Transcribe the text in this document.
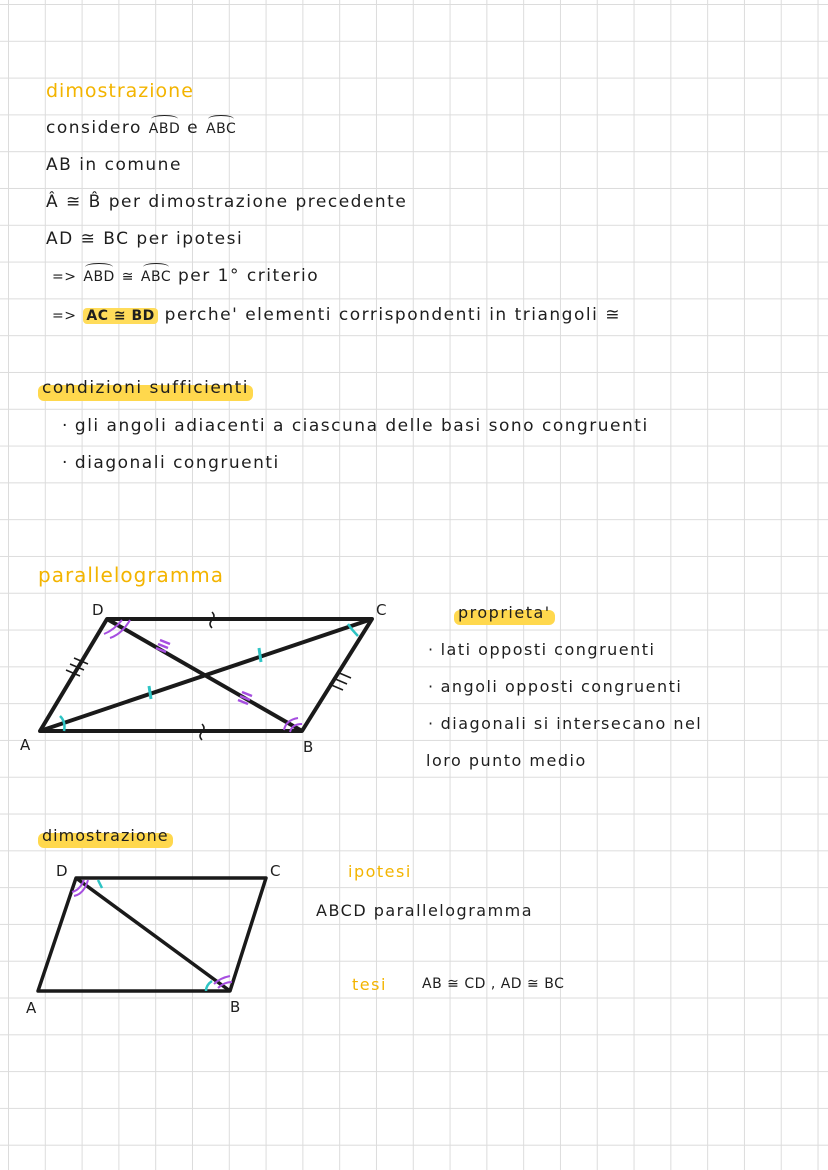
dimostrazione
considero ABD e ABC
AB in comune
Â ≅ B̂ per dimostrazione precedente
AD ≅ BC per ipotesi
=> ABD ≅ ABC per 1° criterio
=> AC ≅ BD perche' elementi corrispondenti in triangoli ≅
condizioni sufficienti
· gli angoli adiacenti a ciascuna delle basi sono congruenti
· diagonali congruenti
parallelogramma
D	C
A	B
proprieta'
· lati opposti congruenti
· angoli opposti congruenti
· diagonali si intersecano nel
loro punto medio
dimostrazione
D	C
A	B
ipotesi
ABCD parallelogramma
tesi	AB ≅ CD , AD ≅ BC
